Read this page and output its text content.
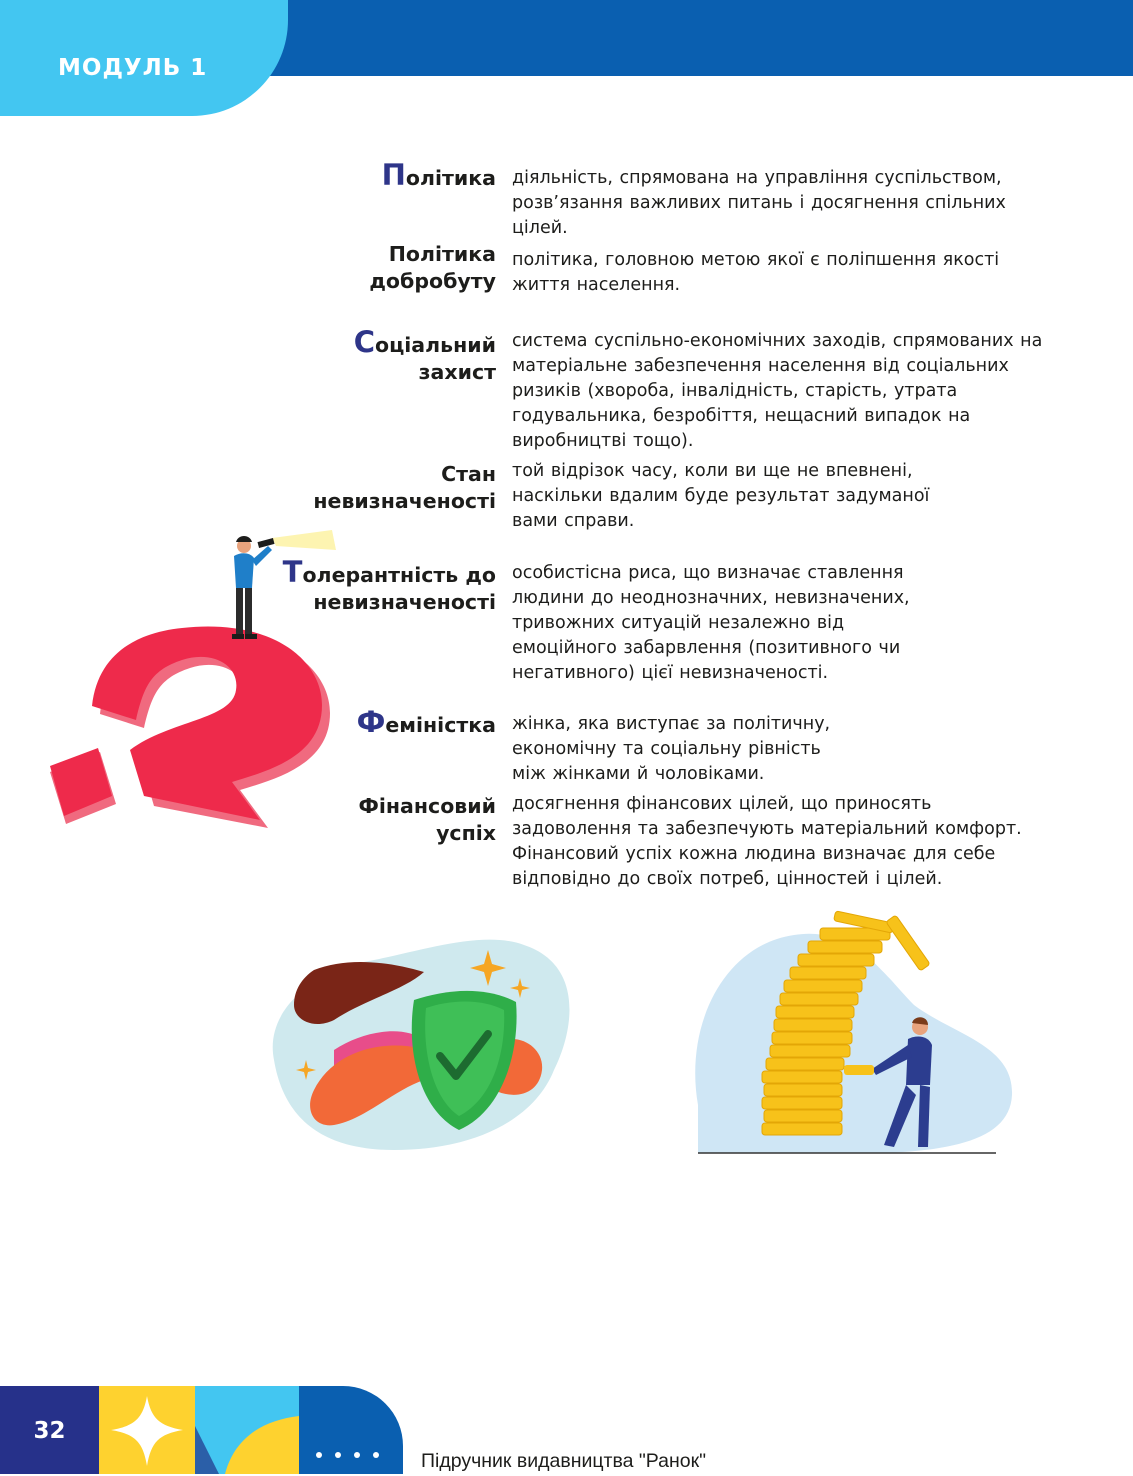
МОДУЛЬ 1
Політика діяльність, спрямована на управління суспільством, розв’язання важливих питань і досягнення спільних цілей.
Політика добробуту
політика, головною метою якої є поліпшення якості життя населення.
Соціальний захист
система суспільно-економічних заходів, спрямованих на матеріальне забезпечення населення від соціальних ризиків (хвороба, інвалідність, старість, утрата годувальника, безробіття, нещасний випадок на виробництві тощо).
Стан невизначеності
той відрізок часу, коли ви ще не впевнені, наскільки вдалим буде результат задуманої вами справи.
Толерантність до невизначеності
особистісна риса, що визначає ставлення людини до неоднозначних, невизначених, тривожних ситуацій незалежно від емоційного забарвлення (позитивного чи негативного) цієї невизначеності.
Феміністка жінка, яка виступає за політичну, економічну та соціальну рівність між жінками й чоловіками.
Фінансовий успіх
досягнення фінансових цілей, що приносять задоволення та забезпечують матеріальний комфорт. Фінансовий успіх кожна людина визначає для себе відповідно до своїх потреб, цінностей і цілей.
32
Підручник видавництва "Ранок"
